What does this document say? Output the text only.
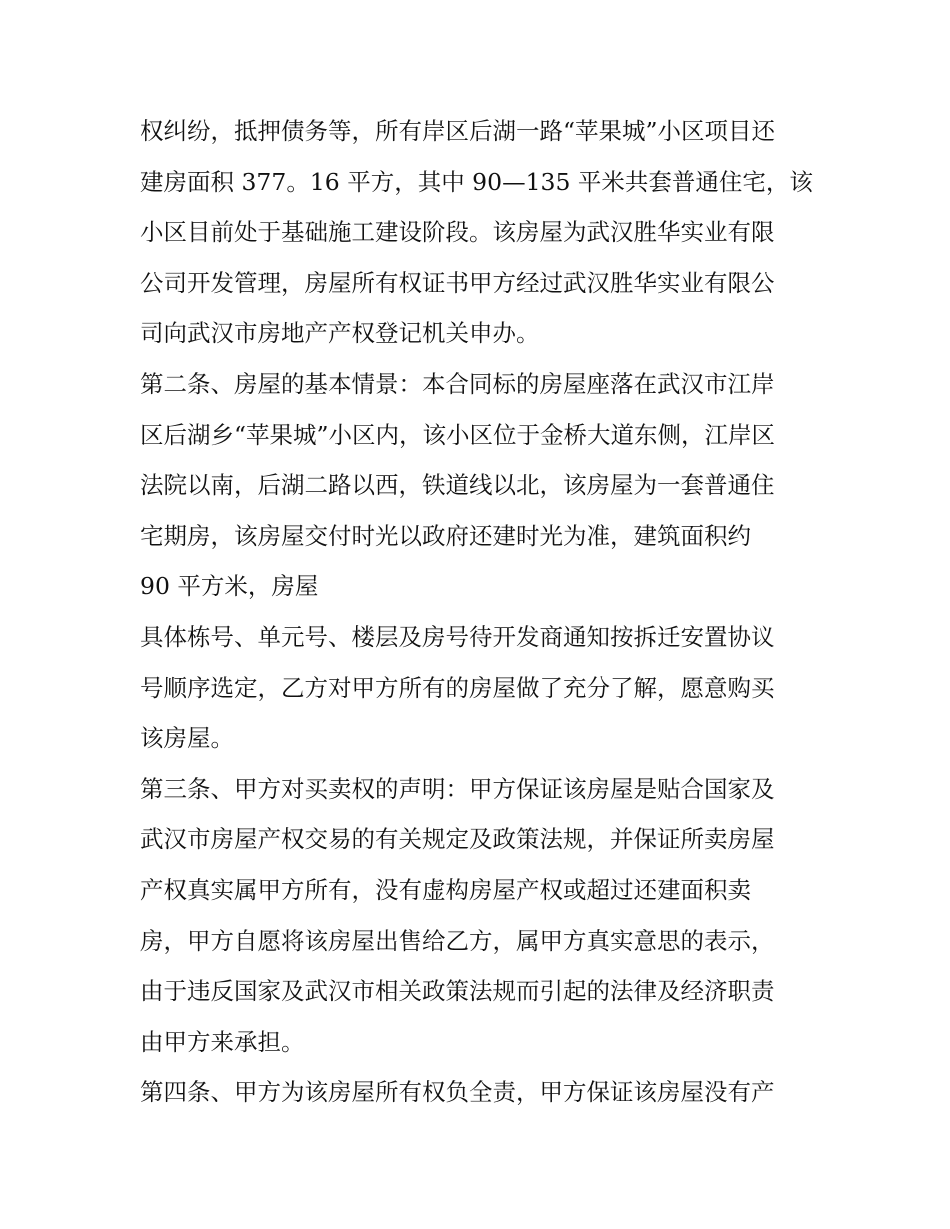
权纠纷，抵押债务等，所有岸区后湖一路“苹果城”小区项目还
建房面积 377。16 平方，其中 90—135 平米共套普通住宅，该
小区目前处于基础施工建设阶段。该房屋为武汉胜华实业有限
公司开发管理，房屋所有权证书甲方经过武汉胜华实业有限公
司向武汉市房地产产权登记机关申办。
第二条、房屋的基本情景：本合同标的房屋座落在武汉市江岸
区后湖乡“苹果城”小区内，该小区位于金桥大道东侧，江岸区
法院以南，后湖二路以西，铁道线以北，该房屋为一套普通住
宅期房，该房屋交付时光以政府还建时光为准，建筑面积约
90 平方米，房屋
具体栋号、单元号、楼层及房号待开发商通知按拆迁安置协议
号顺序选定，乙方对甲方所有的房屋做了充分了解，愿意购买
该房屋。
第三条、甲方对买卖权的声明：甲方保证该房屋是贴合国家及
武汉市房屋产权交易的有关规定及政策法规，并保证所卖房屋
产权真实属甲方所有，没有虚构房屋产权或超过还建面积卖
房，甲方自愿将该房屋出售给乙方，属甲方真实意思的表示，
由于违反国家及武汉市相关政策法规而引起的法律及经济职责
由甲方来承担。
第四条、甲方为该房屋所有权负全责，甲方保证该房屋没有产
